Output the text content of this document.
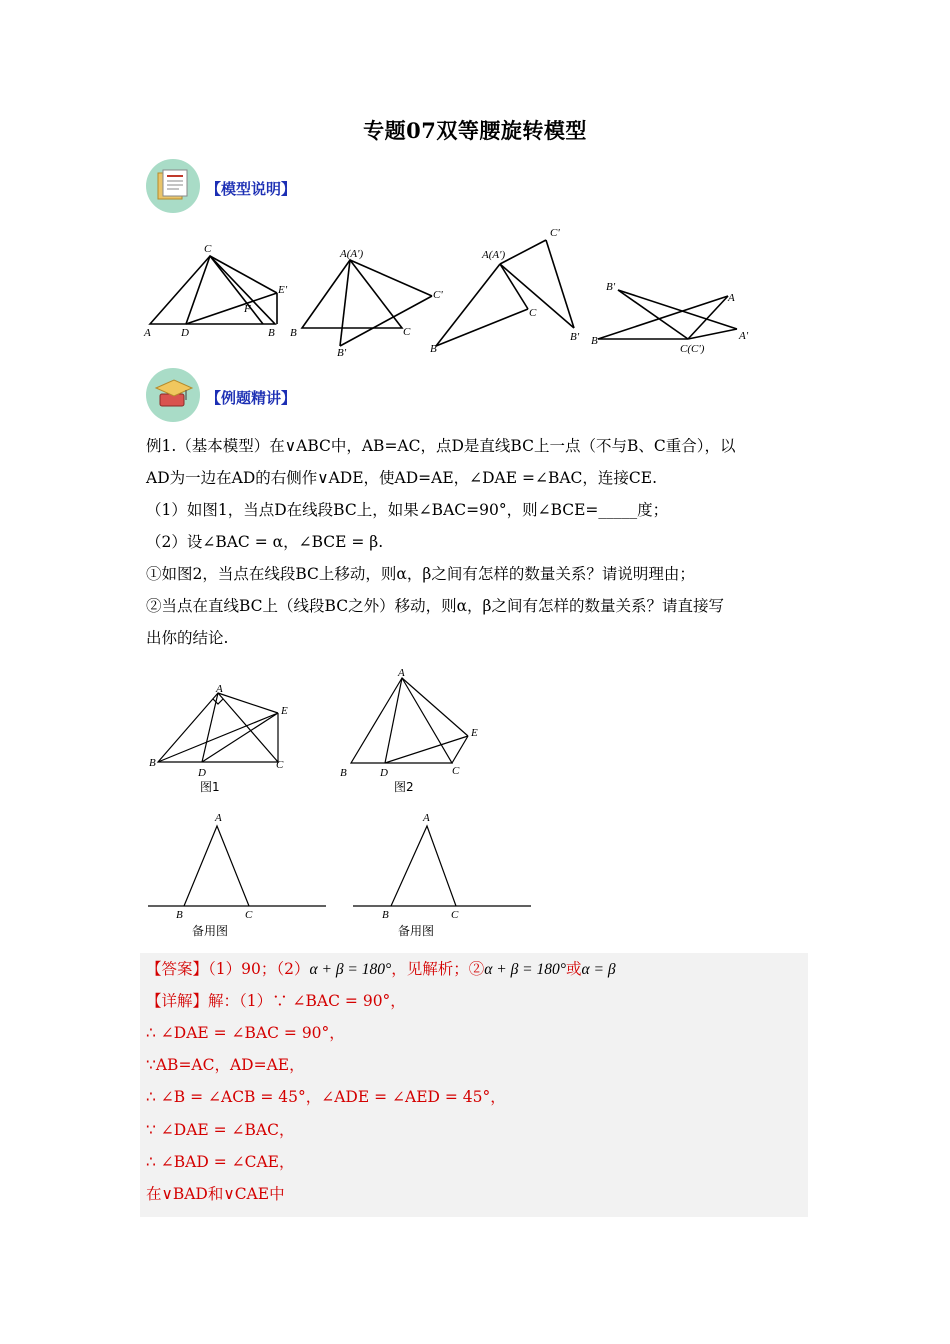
专题07双等腰旋转模型
【模型说明】
C
E'
F
A	D	B
A(A')
C'
B	C
B'
A(A')
C'
C
B
B'
B'
A
A'
B
C(C')
【例题精讲】

例1.（基本模型）在∨ABC中，AB=AC，点D是直线BC上一点（不与B、C重合），以

AD为一边在AD的右侧作∨ADE，使AD=AE，∠DAE =∠BAC，连接CE.

（1）如图1，当点D在线段BC上，如果∠BAC=90°，则∠BCE=_____度；

（2）设∠BAC = α，∠BCE = β.

①如图2，当点在线段BC上移动，则α，β之间有怎样的数量关系？请说明理由；

②当点在直线BC上（线段BC之外）移动，则α，β之间有怎样的数量关系？请直接写

出你的结论.

A
E
B
D
C
图1
A
E
B	D	C
图2
A
B	C
备用图
A
B	C
备用图

【答案】（1）90；（2）α + β = 180°，见解析；②α + β = 180°或α = β

【详解】解：（1）∵ ∠BAC = 90°，

∴ ∠DAE = ∠BAC = 90°，

∵AB=AC，AD=AE，

∴ ∠B = ∠ACB = 45°，∠ADE = ∠AED = 45°，

∵ ∠DAE = ∠BAC，

∴ ∠BAD = ∠CAE，

在∨BAD和∨CAE中
